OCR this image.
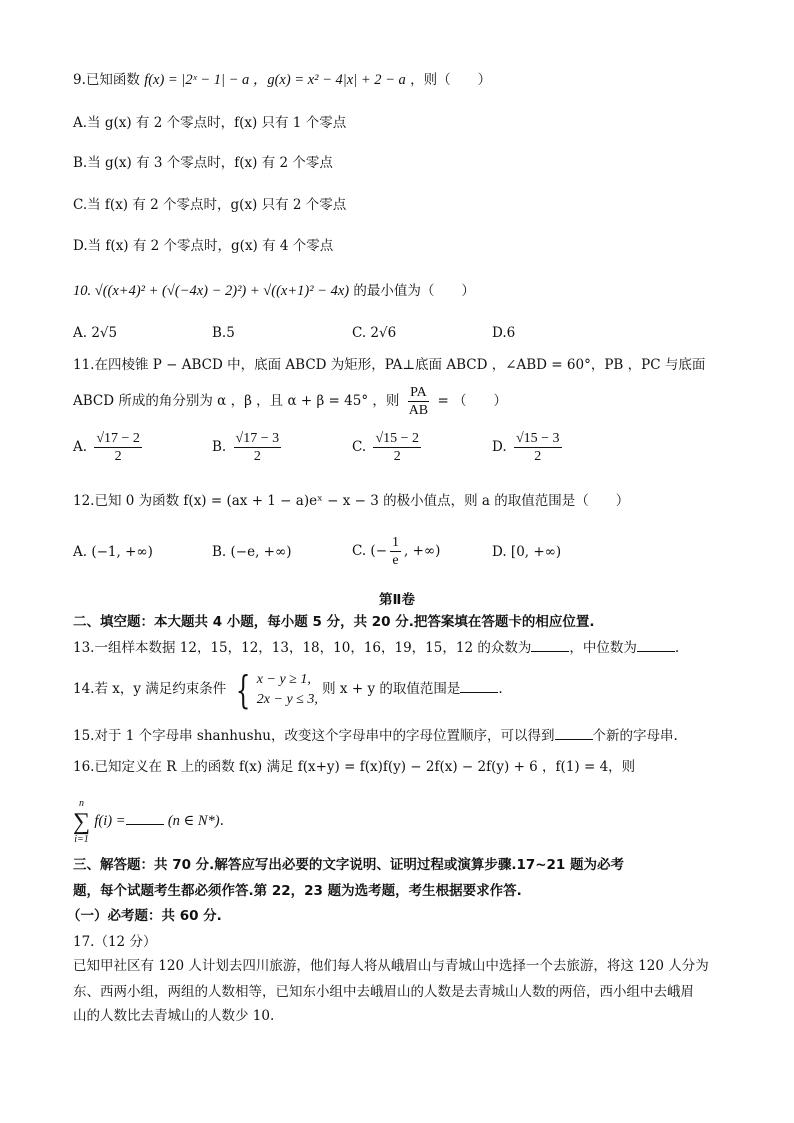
9.已知函数 f(x) = |2ˣ − 1| − a ，g(x) = x² − 4|x| + 2 − a ，则（　　）
A.当 g(x) 有 2 个零点时，f(x) 只有 1 个零点
B.当 g(x) 有 3 个零点时，f(x) 有 2 个零点
C.当 f(x) 有 2 个零点时，g(x) 只有 2 个零点
D.当 f(x) 有 2 个零点时，g(x) 有 4 个零点
10. √((x+4)² + (√(−4x) − 2)²) + √((x+1)² − 4x) 的最小值为（　　）
A. 2√5	B.5	C. 2√6	D.6
11.在四棱锥 P − ABCD 中，底面 ABCD 为矩形，PA⊥底面 ABCD ，∠ABD = 60°，PB ，PC 与底面
ABCD 所成的角分别为 α ，β ，且 α + β = 45° ，则 $\frac{PA}{AB}$ = （　　）
A. $\frac{√17 - 2}{2}$	B. $\frac{√17 - 3}{2}$	C. $\frac{√15 - 2}{2}$	D. $\frac{√15 - 3}{2}$
12.已知 0 为函数 f(x) = (ax + 1 − a)eˣ − x − 3 的极小值点，则 a 的取值范围是（　　）
A. (−1, +∞)	B. (−e, +∞)	C. (− $\frac{1}{e}$ , +∞)	D. [0, +∞)
第Ⅱ卷
二、填空题：本大题共 4 小题，每小题 5 分，共 20 分.把答案填在答题卡的相应位置.
13.一组样本数据 12，15，12，13，18，10，16，19，15，12 的众数为	，中位数为	.
14.若 x，y 满足约束条件 { x − y ≥ 1,
2x − y ≤ 3,
则 x + y 的取值范围是	.
15.对于 1 个字母串 shanhushu，改变这个字母串中的字母位置顺序，可以得到	个新的字母串.
16.已知定义在 R 上的函数 f(x) 满足 f(x+y) = f(x)f(y) − 2f(x) − 2f(y) + 6 ，f(1) = 4，则
n
∑
i=1
f(i) =	(n ∈ N*).
三、解答题：共 70 分.解答应写出必要的文字说明、证明过程或演算步骤.17~21 题为必考
题，每个试题考生都必须作答.第 22，23 题为选考题，考生根据要求作答.
（一）必考题：共 60 分.
17.（12 分）
已知甲社区有 120 人计划去四川旅游，他们每人将从峨眉山与青城山中选择一个去旅游，将这 120 人分为
东、西两小组，两组的人数相等，已知东小组中去峨眉山的人数是去青城山人数的两倍，西小组中去峨眉
山的人数比去青城山的人数少 10.
